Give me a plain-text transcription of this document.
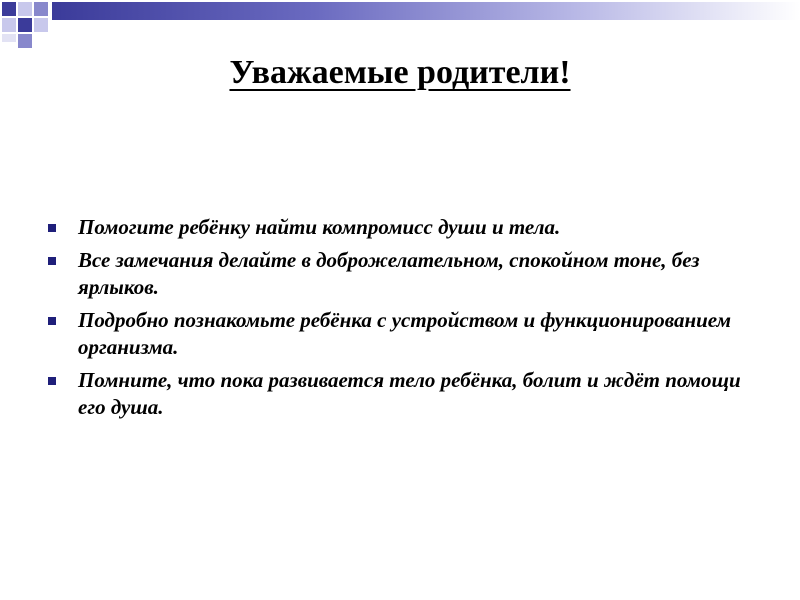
Уважаемые родители!
Помогите ребёнку найти компромисс души и тела.
Все замечания делайте в доброжелательном, спокойном тоне, без ярлыков.
Подробно познакомьте ребёнка с устройством и функционированием организма.
Помните, что пока развивается тело ребёнка, болит и ждёт помощи его душа.
